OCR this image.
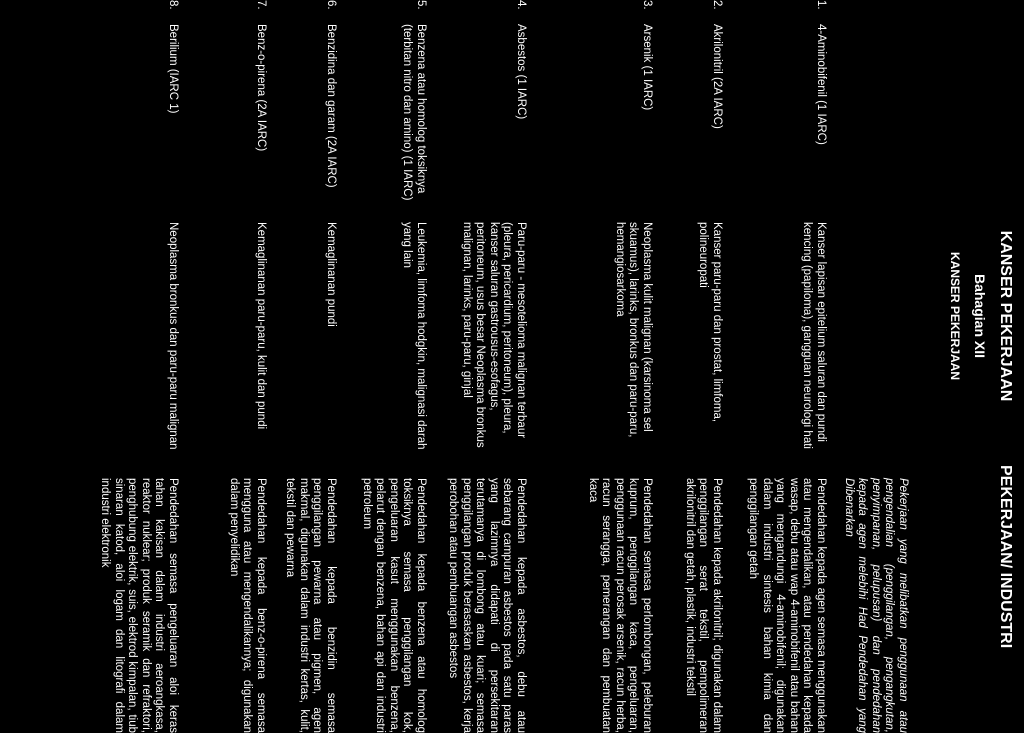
KANSER PEKERJAAN
Bahagian XII
KANSER PEKERJAAN
PEKERJAAN/ INDUSTRI
Pekerjaan yang melibatkan penggunaan atau pengendalian (penggilangan, pengangkutan, penyimpanan, pelupusan) dan pendedahan kepada agen melebihi Had Pendedahan yang Dibenarkan
1.
4-Aminobifenil (1 IARC)
Kanser lapisan epitelium saluran dan pundi kencing (papiloma), gangguan neurologi hati
Pendedahan kepada agen semasa menggunakan atau mengendalikan, atau pendedahan kepada wasap, debu atau wap 4-aminobifenil atau bahan yang mengandungi 4-aminobifenil; digunakan dalam industri sintesis bahan kimia dan penggilangan getah
2.
Akrilonitril (2A IARC)
Kanser paru-paru dan prostat, limfoma, polineuropati
Pendedahan kepada akrilonitril; digunakan dalam penggilangan serat tekstil, pempolimeran akrilonitril dan getah, plastik, industri tekstil
3.
Arsenik (1 IARC)
Neoplasma kulit malignan (karsinoma sel skuamus), larinks, bronkus dan paru-paru, hemangiosarkoma
Pendedahan semasa perlombongan, peleburan kuprum, penggilangan kaca, pengeluaran, penggunaan racun perosak arsenik, racun herba, racun serangga, pemerangan dan pembuatan kaca
4.
Asbestos (1 IARC)
Paru-paru - mesotelioma malignan terbaur (pleura, pericardium, peritoneum), pleura, kanser saluran gastrousus-esofagus, peritoneum, usus besar Neoplasma bronkus malignan, larinks, paru-paru, ginjal
Pendedahan kepada asbestos, debu atau sebarang campuran asbestos pada satu paras yang lazimnya didapati di persekitaran terutamanya di lombong atau kuari; semasa penggilangan produk berasaskan asbestos, kerja perobohan atau pembuangan asbestos
5.
Benzena atau homolog toksiknya (terbitan nitro dan amino) (1 IARC)
Leukemia, limfoma hodgkin, malignasi darah yang lain
Pendedahan kepada benzena atau homolog toksiknya semasa penggilangan kok, pengeluaran kasut menggunakan benzena, pelarut dengan benzena, bahan api dan industri petroleum
6.
Benzidina dan garam (2A IARC)
Kemaglinanan pundi
Pendedahan kepada benzidin semasa penggilangan pewarna atau pigmen, agen makmal, digunakan dalam industri kertas, kulit, tekstil dan pewarna
7.
Benz-o-pirena (2A IARC)
Kemaglinanan paru-paru, kulit dan pundi
Pendedahan kepada benz-o-pirena semasa mengguna atau mengendalikannya; digunakan dalam penyelidikan
8.
Berilium (IARC 1)
Neoplasma bronkus dan paru-paru malignan
Pendedahan semasa pengeluaran aloi keras tahan kakisan dalam industri aeroangkasa, reaktor nuklear; produk seramik dan refraktori, penghubung elektrik, suis, elektrod kimpalan, tiub sinaran katod, aloi logam dan litografi dalam industri elektronik
